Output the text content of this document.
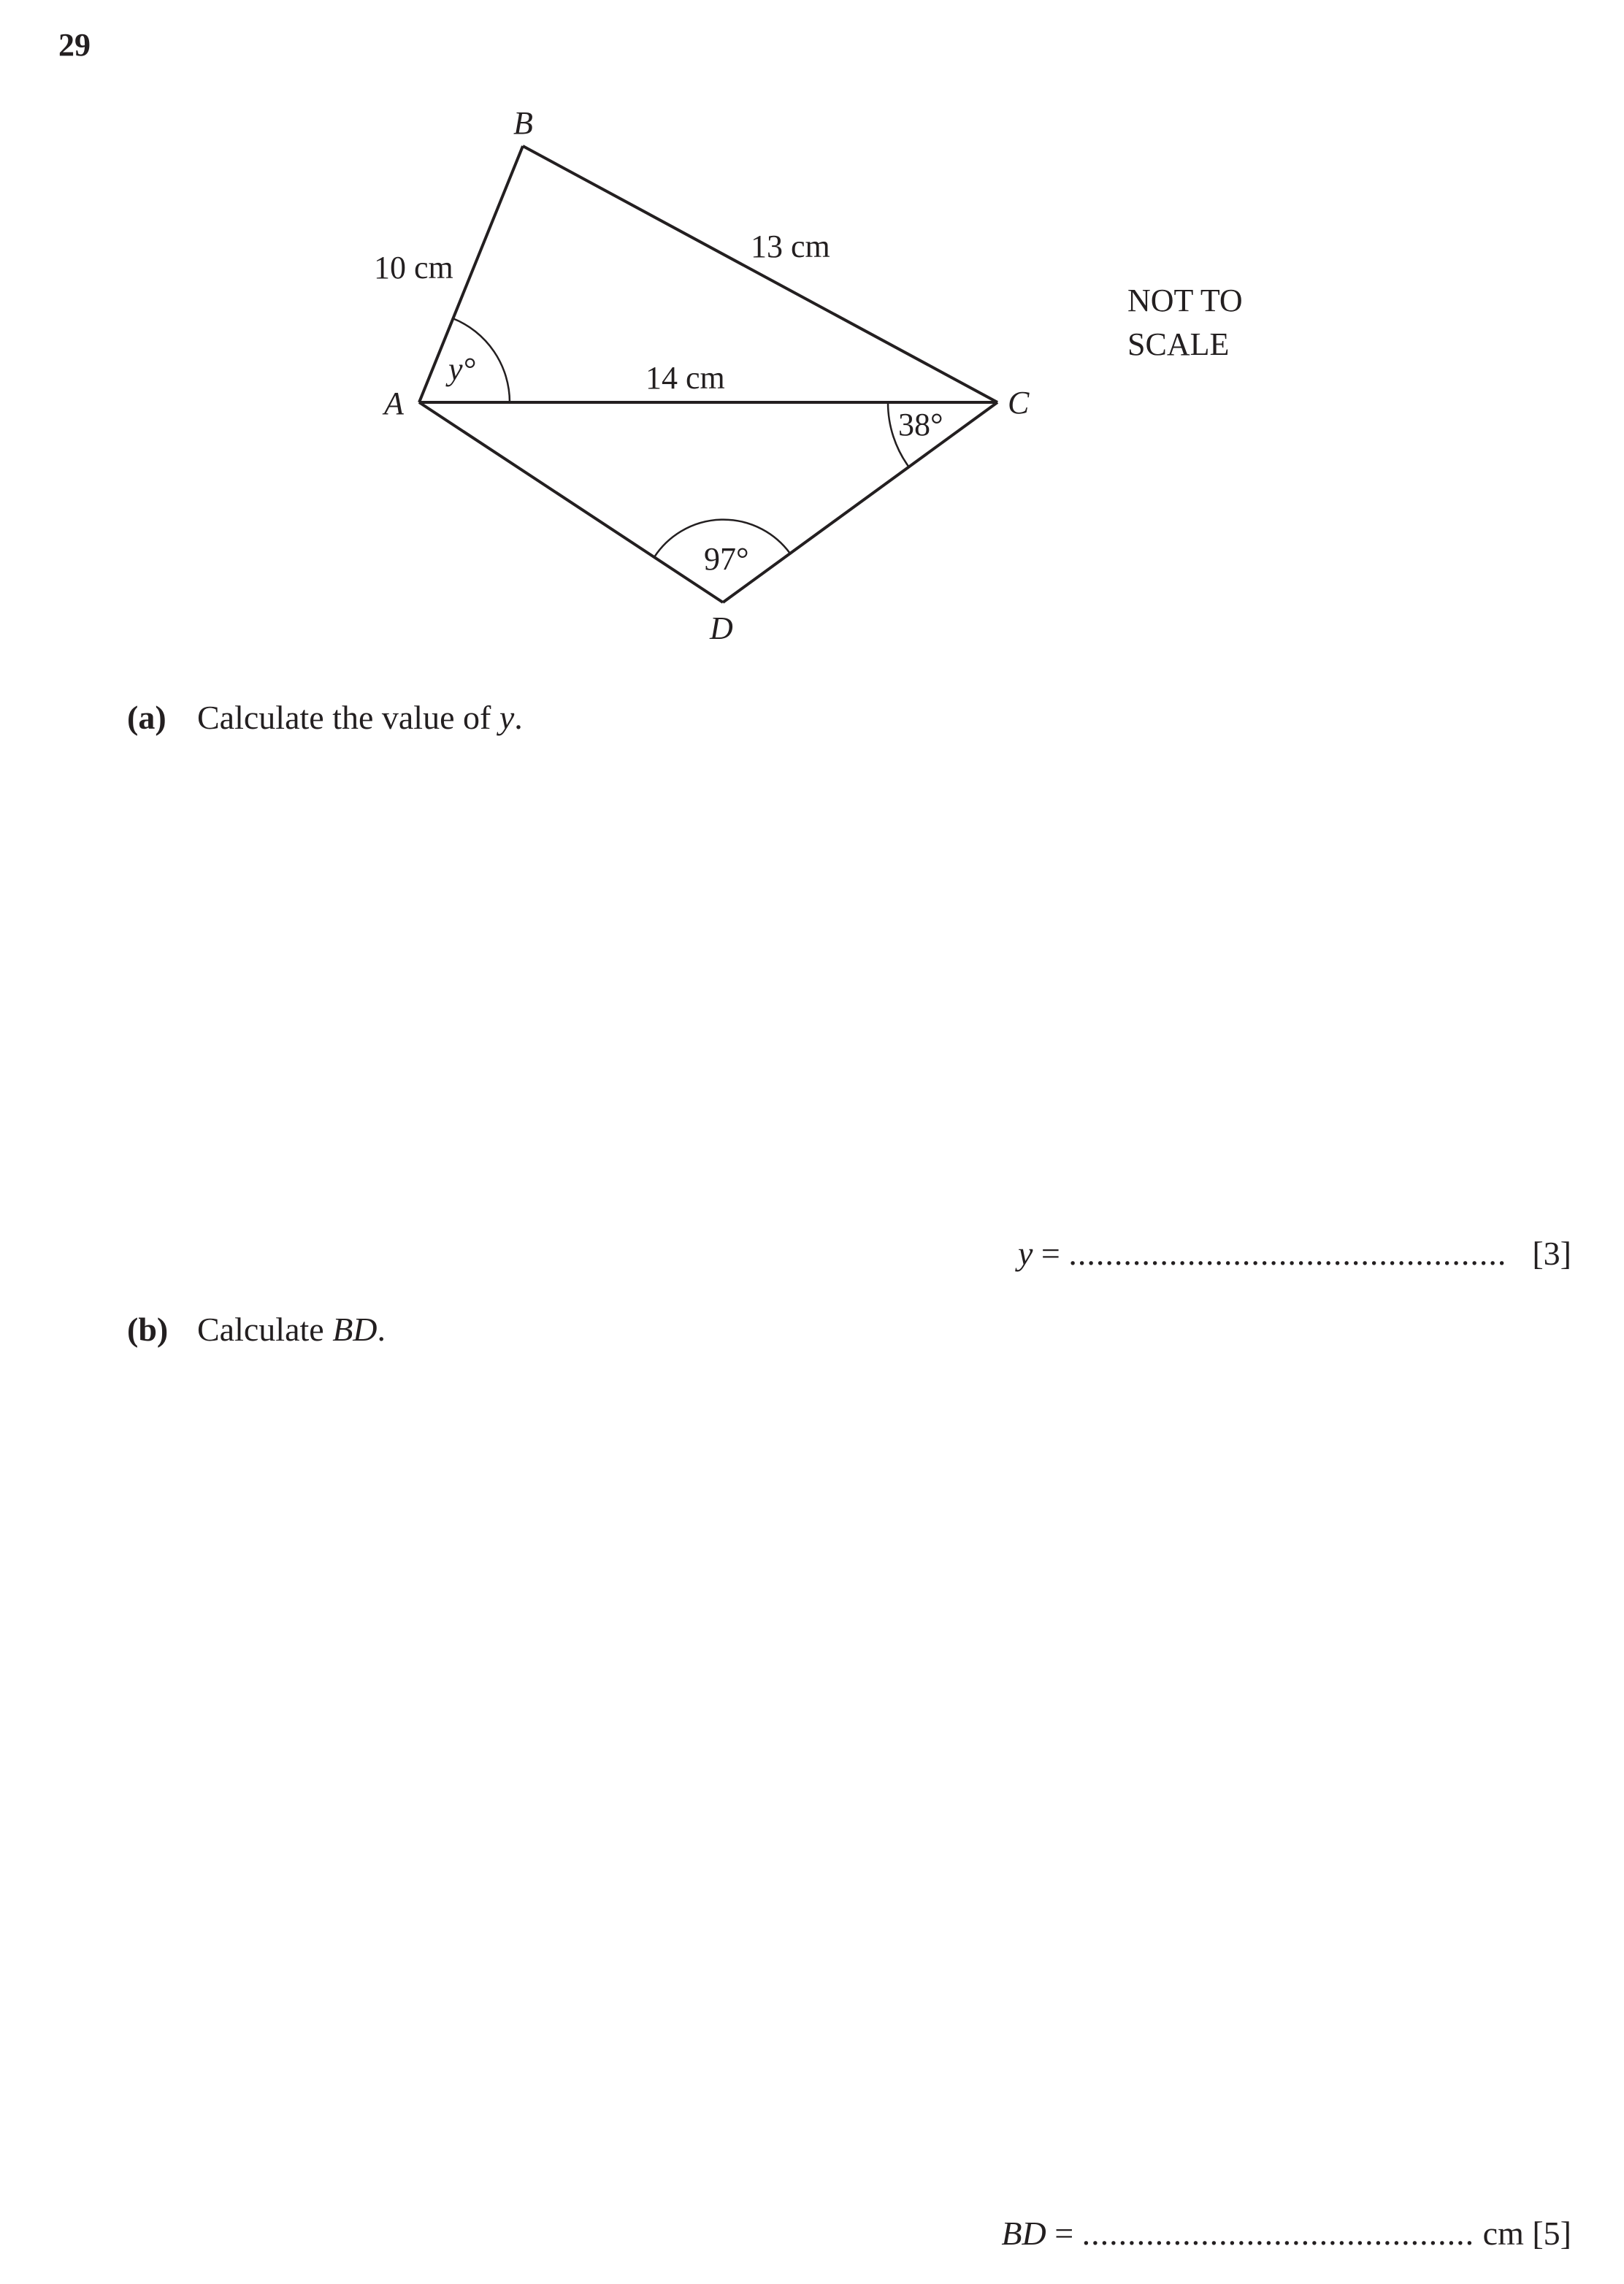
29
B
A	C
D
10 cm
13 cm
14 cm
y°
38°
97°
NOT TO
SCALE
(a) Calculate the value of y.
y = ................................................ [3]
(b) Calculate BD.
BD = ........................................... cm [5]
